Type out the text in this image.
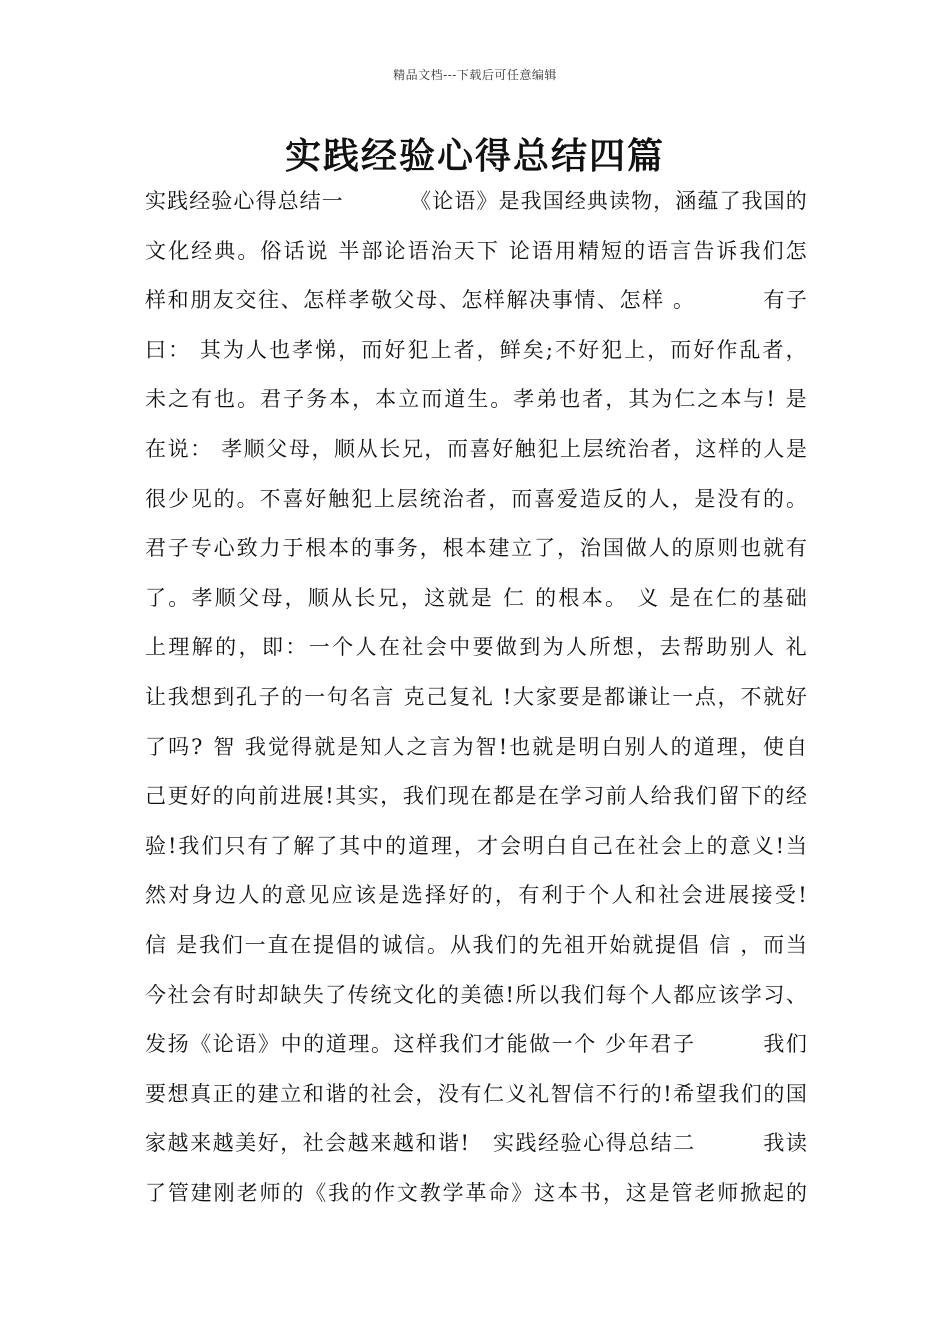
精品文档---下载后可任意编辑
实践经验心得总结四篇
实 践 经 验 心 得 总 结 一

　	《 论 语 》 是 我 国 经 典 读 物 ， 涵 蕴 了 我 国 的
文 化 经 典 。 俗 话 说
半 部 论 语 治 天 下
论 语 用 精 短 的 语 言 告 诉 我 们 怎
样 和 朋 友 交 往 、 怎 样 孝 敬 父 母 、 怎 样 解 决 事 情 、 怎 样
。

　	有 子
曰 ：
其 为 人 也 孝 悌 ， 而 好 犯 上 者 ， 鲜 矣 ; 不 好 犯 上 ， 而 好 作 乱 者 ，
未 之 有 也 。 君 子 务 本 ， 本 立 而 道 生 。 孝 弟 也 者 ， 其 为 仁 之 本 与 !
是
在 说 ：
孝 顺 父 母 ， 顺 从 长 兄 ， 而 喜 好 触 犯 上 层 统 治 者 ， 这 样 的 人 是
很 少 见 的 。 不 喜 好 触 犯 上 层 统 治 者 ， 而 喜 爱 造 反 的 人 ， 是 没 有 的 。
君 子 专 心 致 力 于 根 本 的 事 务 ， 根 本 建 立 了 ， 治 国 做 人 的 原 则 也 就 有
了 。 孝 顺 父 母 ， 顺 从 长 兄 ， 这 就 是
仁
的 根 本 。
义
是 在 仁 的 基 础
上 理 解 的 ， 即 ： 一 个 人 在 社 会 中 要 做 到 为 人 所 想 ， 去 帮 助 别 人
礼
让 我 想 到 孔 子 的 一 句 名 言
克 己 复 礼
! 大 家 要 是 都 谦 让 一 点 ， 不 就 好
了 吗 ?
智
我 觉 得 就 是 知 人 之 言 为 智 ! 也 就 是 明 白 别 人 的 道 理 ， 使 自
己 更 好 的 向 前 进 展 ! 其 实 ， 我 们 现 在 都 是 在 学 习 前 人 给 我 们 留 下 的 经
验 ! 我 们 只 有 了 解 了 其 中 的 道 理 ， 才 会 明 白 自 己 在 社 会 上 的 意 义 ! 当
然 对 身 边 人 的 意 见 应 该 是 选 择 好 的 ， 有 利 于 个 人 和 社 会 进 展 接 受 !
信
是 我 们 一 直 在 提 倡 的 诚 信 。 从 我 们 的 先 祖 开 始 就 提 倡
信
， 而 当
今 社 会 有 时 却 缺 失 了 传 统 文 化 的 美 德 ! 所 以 我 们 每 个 人 都 应 该 学 习 、
发 扬 《 论 语 》 中 的 道 理 。 这 样 我 们 才 能 做 一 个
少 年 君 子

　	我 们
要 想 真 正 的 建 立 和 谐 的 社 会 ， 没 有 仁 义 礼 智 信 不 行 的 ! 希 望 我 们 的 国
家 越 来 越 美 好 ， 社 会 越 来 越 和 谐 !
　 实 践 经 验 心 得 总 结 二

　	我 读
了 管 建 刚 老 师 的 《 我 的 作 文 教 学 革 命 》 这 本 书 ， 这 是 管 老 师 掀 起 的
